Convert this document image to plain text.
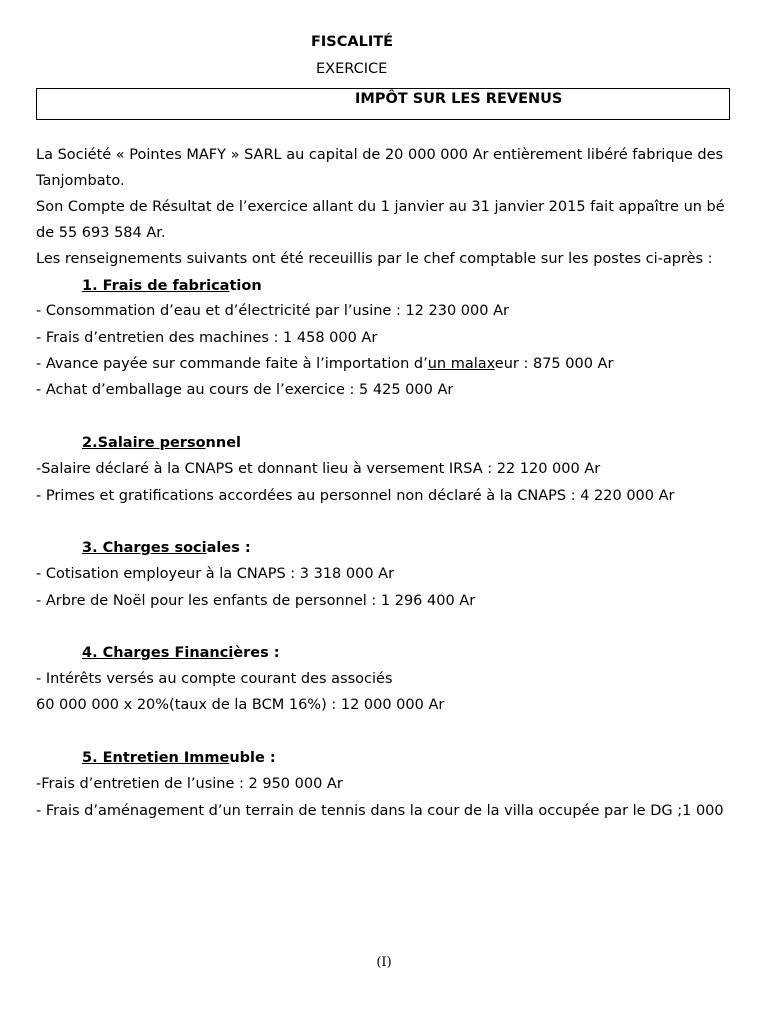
FISCALITÉ
EXERCICE
IMPÔT SUR LES REVENUS
La Société « Pointes MAFY » SARL au capital de 20 000 000 Ar entièrement libéré fabrique des
Tanjombato.
Son Compte de Résultat de l’exercice allant du 1 janvier au 31 janvier 2015 fait appaître un bé
de 55 693 584 Ar.
Les renseignements suivants ont été receuillis par le chef comptable sur les postes ci-après :
1. Frais de fabrication
- Consommation d’eau et d’électricité par l’usine : 12 230 000 Ar
- Frais d’entretien des machines : 1 458 000 Ar
- Avance payée sur commande faite à l’importation d’un malaxeur : 875 000 Ar
- Achat d’emballage au cours de l’exercice : 5 425 000 Ar
2.Salaire personnel
-Salaire déclaré à la CNAPS et donnant lieu à versement IRSA : 22 120 000 Ar
- Primes et gratifications accordées au personnel non déclaré à la CNAPS : 4 220 000 Ar
3. Charges sociales :
- Cotisation employeur à la CNAPS : 3 318 000 Ar
- Arbre de Noël pour les enfants de personnel : 1 296 400 Ar
4. Charges Financières :
- Intérêts versés au compte courant des associés
60 000 000 x 20%(taux de la BCM 16%) : 12 000 000 Ar
5. Entretien Immeuble :
-Frais d’entretien de l’usine : 2 950 000 Ar
- Frais d’aménagement d’un terrain de tennis dans la cour de la villa occupée par le DG ;1 000
(I)
